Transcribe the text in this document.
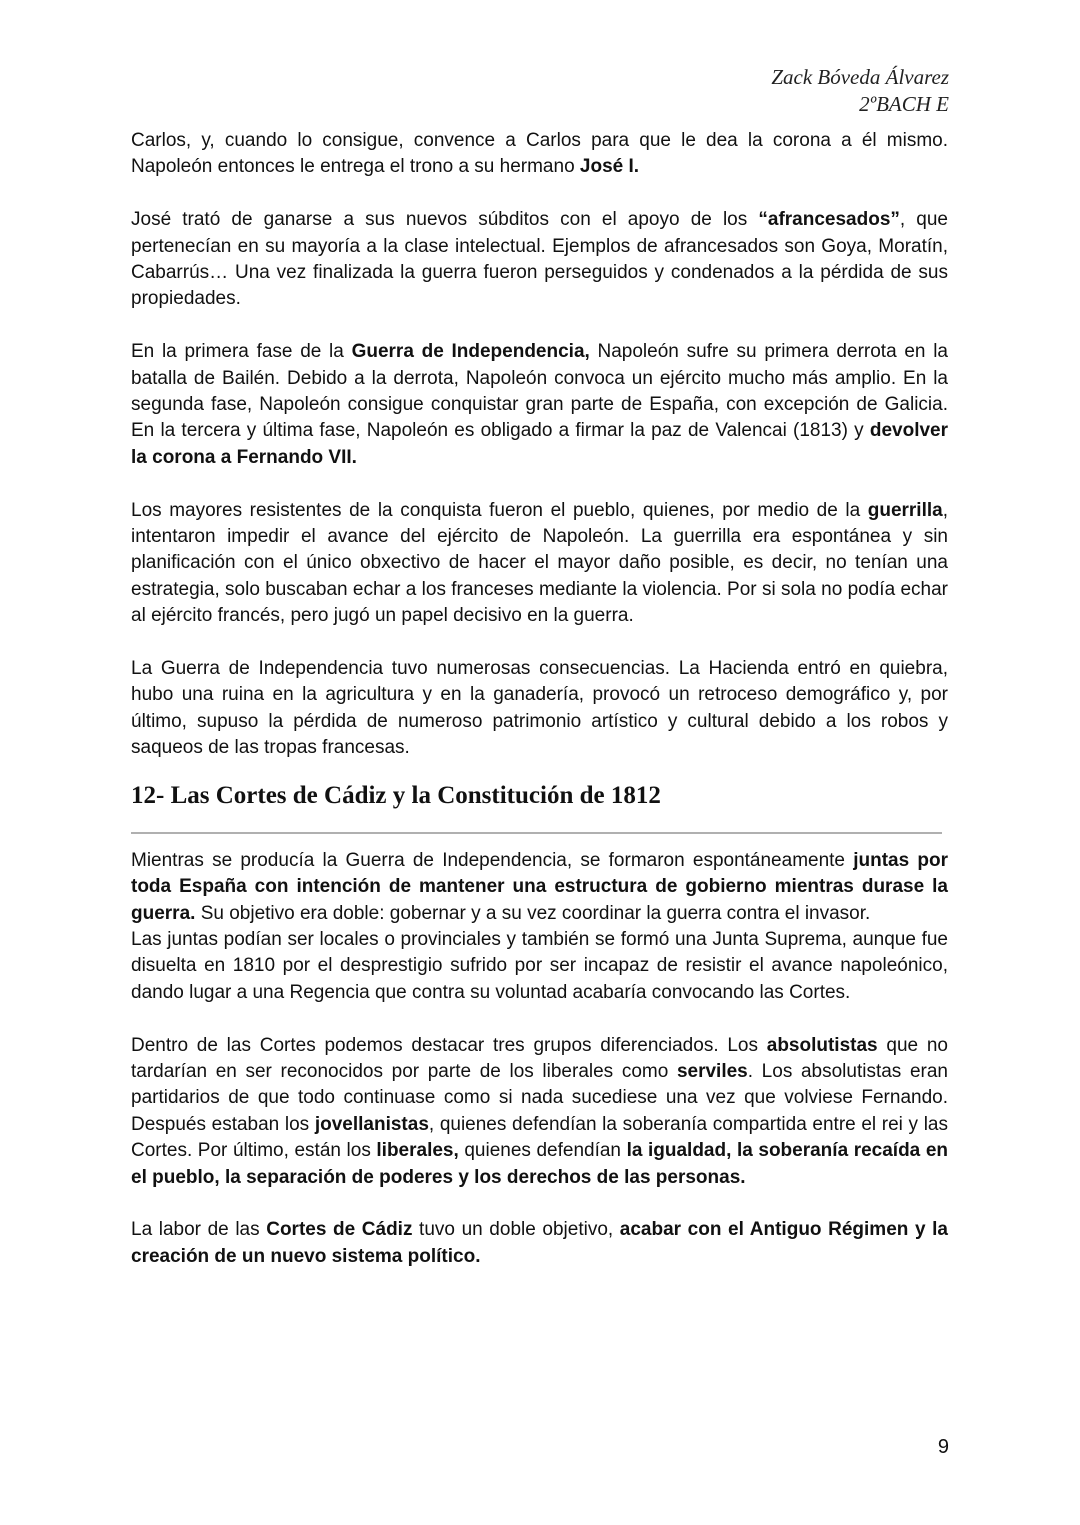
Zack Bóveda Álvarez
2ºBACH E

Carlos, y, cuando lo consigue, convence a Carlos para que le dea la corona a él mismo. Napoleón entonces le entrega el trono a su hermano José I.

José trató de ganarse a sus nuevos súbditos con el apoyo de los “afrancesados”, que pertenecían en su mayoría a la clase intelectual. Ejemplos de afrancesados son Goya, Moratín, Cabarrús… Una vez finalizada la guerra fueron perseguidos y condenados a la pérdida de sus propiedades.

En la primera fase de la Guerra de Independencia, Napoleón sufre su primera derrota en la batalla de Bailén. Debido a la derrota, Napoleón convoca un ejército mucho más amplio. En la segunda fase, Napoleón consigue conquistar gran parte de España, con excepción de Galicia. En la tercera y última fase, Napoleón es obligado a firmar la paz de Valencai (1813) y devolver la corona a Fernando VII.

Los mayores resistentes de la conquista fueron el pueblo, quienes, por medio de la guerrilla, intentaron impedir el avance del ejército de Napoleón. La guerrilla era espontánea y sin planificación con el único obxectivo de hacer el mayor daño posible, es decir, no tenían una estrategia, solo buscaban echar a los franceses mediante la violencia. Por si sola no podía echar al ejército francés, pero jugó un papel decisivo en la guerra.

La Guerra de Independencia tuvo numerosas consecuencias. La Hacienda entró en quiebra, hubo una ruina en la agricultura y en la ganadería, provocó un retroceso demográfico y, por último, supuso la pérdida de numeroso patrimonio artístico y cultural debido a los robos y saqueos de las tropas francesas.

12- Las Cortes de Cádiz y la Constitución de 1812

Mientras se producía la Guerra de Independencia, se formaron espontáneamente juntas por toda España con intención de mantener una estructura de gobierno mientras durase la guerra. Su objetivo era doble: gobernar y a su vez coordinar la guerra contra el invasor.

Las juntas podían ser locales o provinciales y también se formó una Junta Suprema, aunque fue disuelta en 1810 por el desprestigio sufrido por ser incapaz de resistir el avance napoleónico, dando lugar a una Regencia que contra su voluntad acabaría convocando las Cortes.

Dentro de las Cortes podemos destacar tres grupos diferenciados. Los absolutistas que no tardarían en ser reconocidos por parte de los liberales como serviles. Los absolutistas eran partidarios de que todo continuase como si nada sucediese una vez que volviese Fernando. Después estaban los jovellanistas, quienes defendían la soberanía compartida entre el rei y las Cortes. Por último, están los liberales, quienes defendían la igualdad, la soberanía recaída en el pueblo, la separación de poderes y los derechos de las personas.

La labor de las Cortes de Cádiz tuvo un doble objetivo, acabar con el Antiguo Régimen y la creación de un nuevo sistema político.

9
